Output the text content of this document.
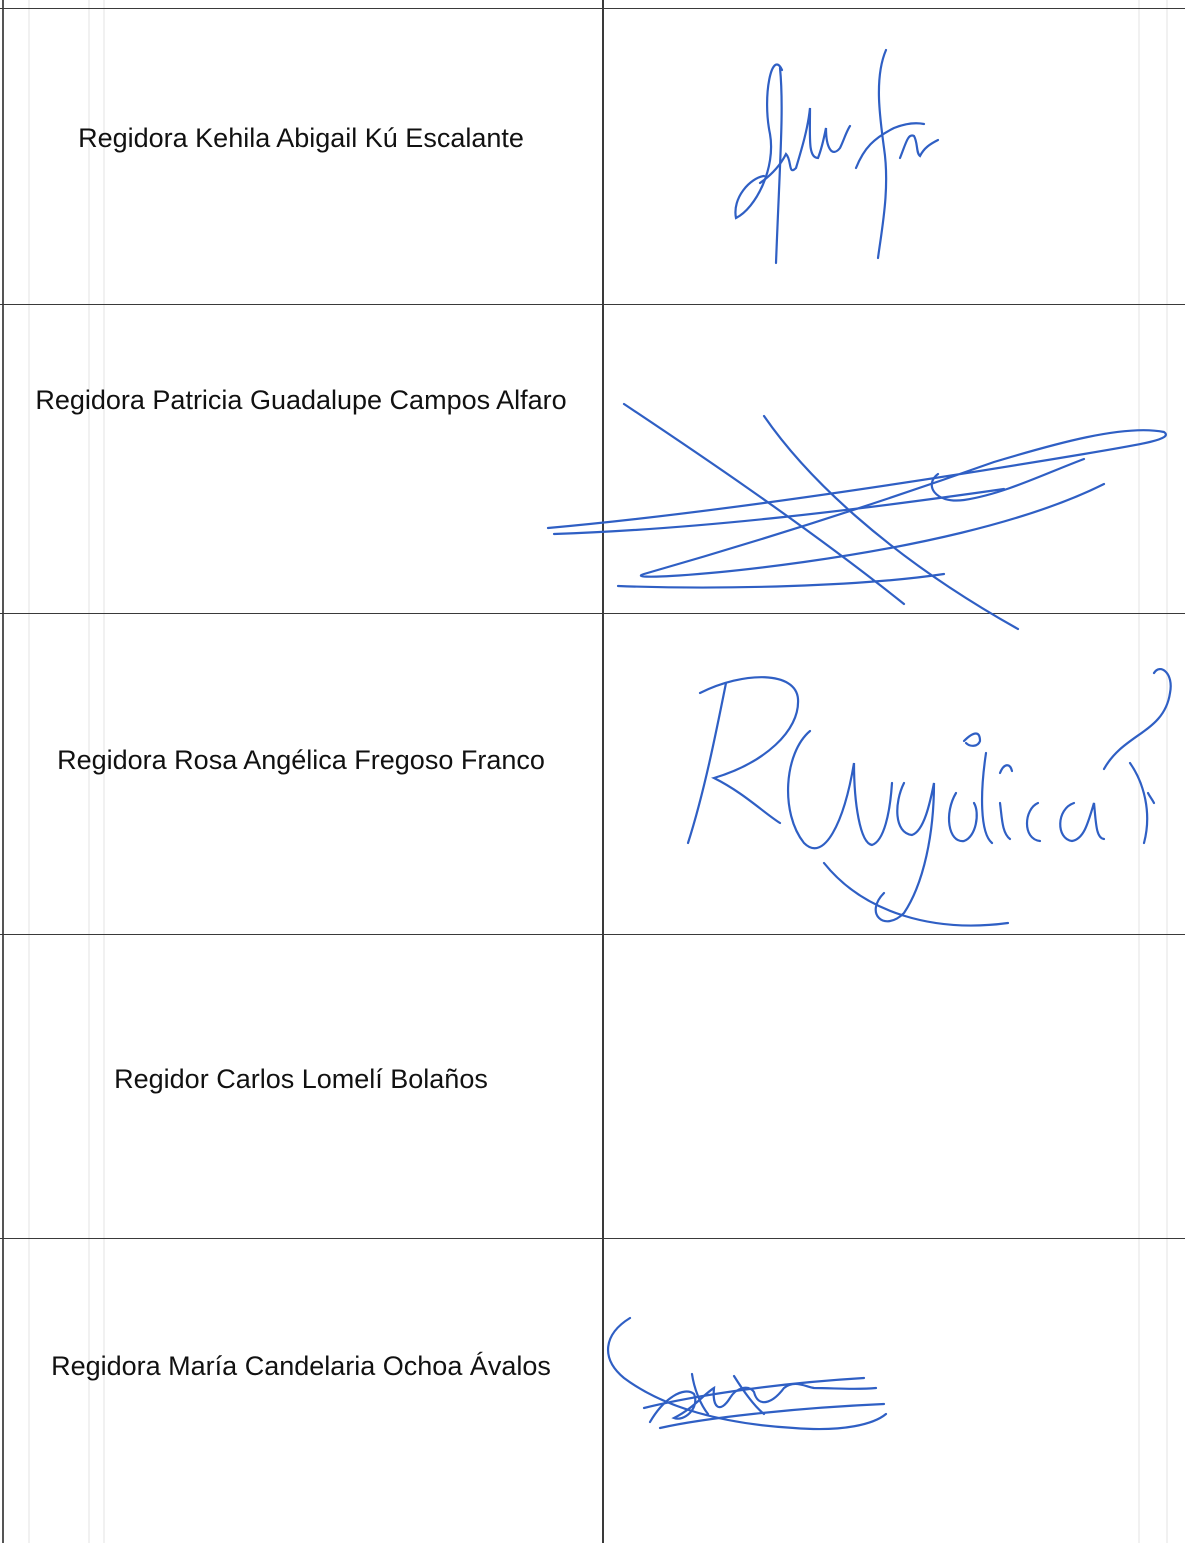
Regidora Kehila Abigail Kú Escalante
Regidora Patricia Guadalupe Campos Alfaro
Regidora Rosa Angélica Fregoso Franco
Regidor Carlos Lomelí Bolaños
Regidora María Candelaria Ochoa Ávalos
